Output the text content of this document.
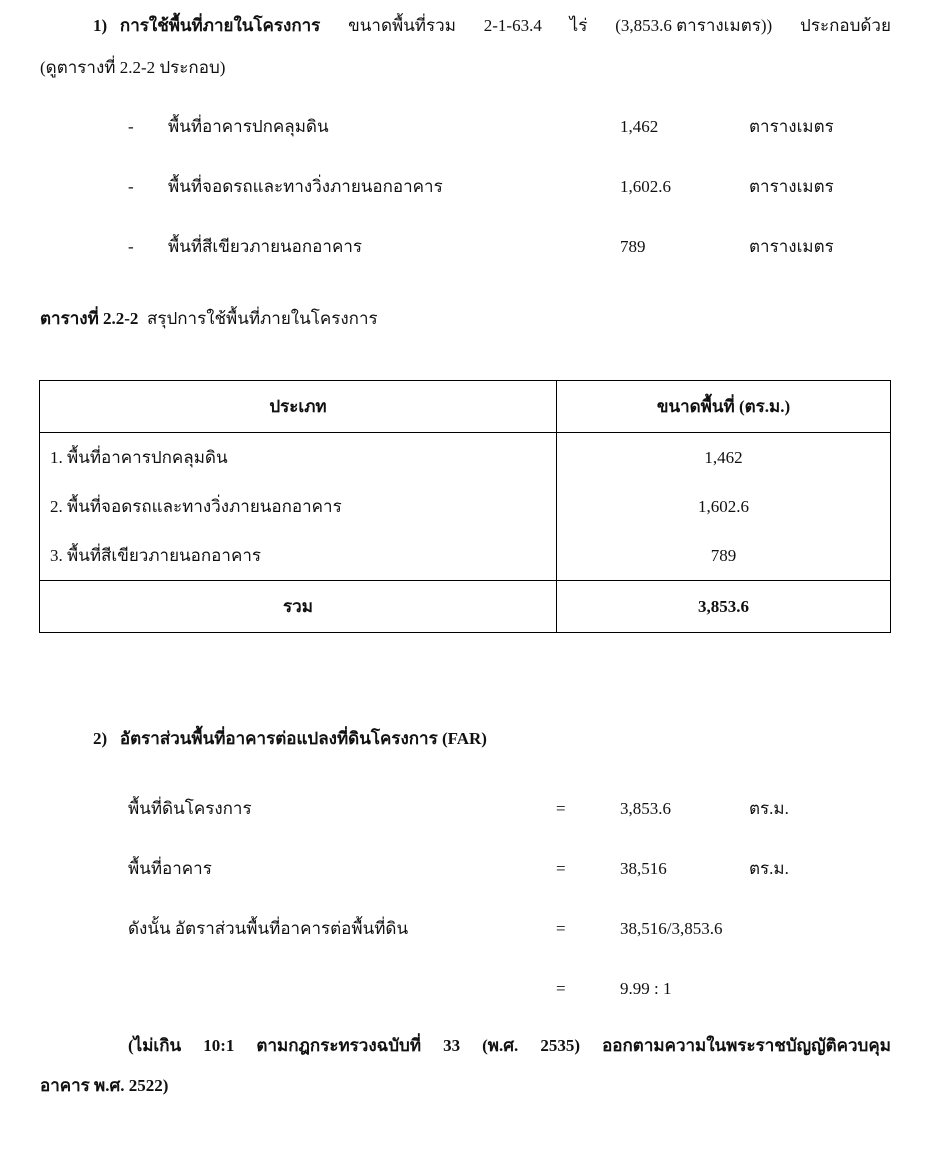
1) การใช้พื้นที่ภายในโครงการ ขนาดพื้นที่รวม 2-1-63.4 ไร่ (3,853.6 ตารางเมตร)) ประกอบด้วย
(ดูตารางที่ 2.2-2 ประกอบ)
- พื้นที่อาคารปกคลุมดิน	1,462	ตารางเมตร
- พื้นที่จอดรถและทางวิ่งภายนอกอาคาร	1,602.6	ตารางเมตร
- พื้นที่สีเขียวภายนอกอาคาร	789	ตารางเมตร
ตารางที่ 2.2-2 สรุปการใช้พื้นที่ภายในโครงการ
ประเภท	ขนาดพื้นที่ (ตร.ม.)
1. พื้นที่อาคารปกคลุมดิน	1,462
2. พื้นที่จอดรถและทางวิ่งภายนอกอาคาร	1,602.6
3. พื้นที่สีเขียวภายนอกอาคาร	789
รวม	3,853.6
2) อัตราส่วนพื้นที่อาคารต่อแปลงที่ดินโครงการ (FAR)
พื้นที่ดินโครงการ	=	3,853.6	ตร.ม.
พื้นที่อาคาร	=	38,516	ตร.ม.
ดังนั้น อัตราส่วนพื้นที่อาคารต่อพื้นที่ดิน	=	38,516/3,853.6
=	9.99 : 1
(ไม่เกิน 10:1 ตามกฎกระทรวงฉบับที่ 33 (พ.ศ. 2535) ออกตามความในพระราชบัญญัติควบคุม
อาคาร พ.ศ. 2522)
